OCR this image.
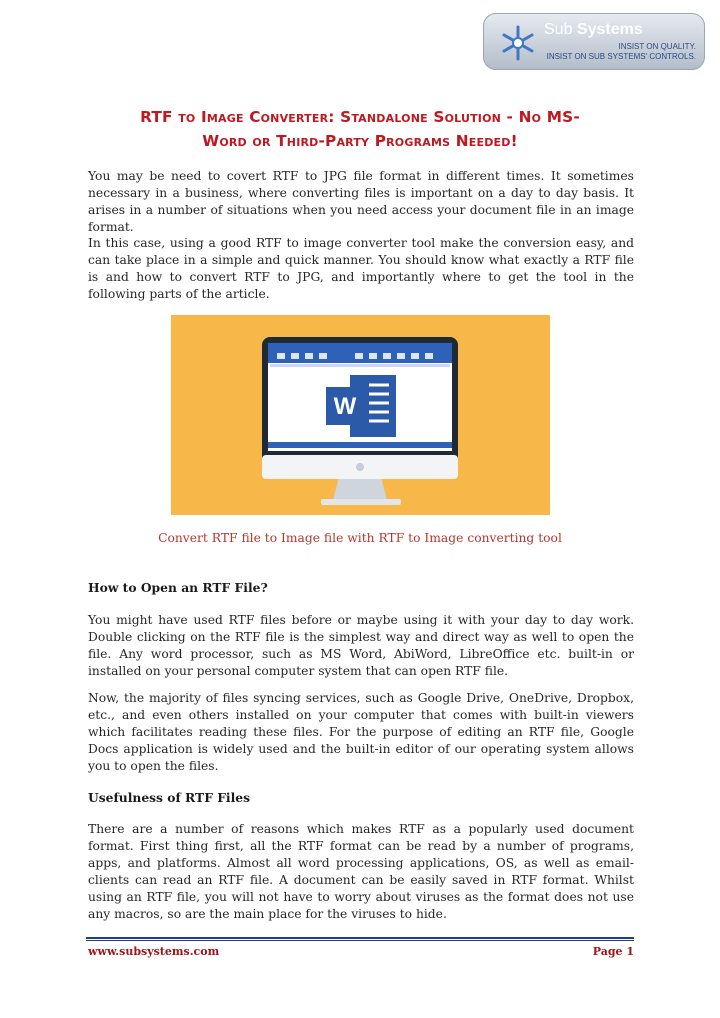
Sub Systems
INSIST ON QUALITY.
INSIST ON SUB SYSTEMS' CONTROLS.
RTF to Image Converter: Standalone Solution - No MS-
Word or Third-Party Programs Needed!

You may be need to covert RTF to JPG file format in different times. It sometimes necessary in a business, where converting files is important on a day to day basis. It arises in a number of situations when you need access your document file in an image format.

In this case, using a good RTF to image converter tool make the conversion easy, and can take place in a simple and quick manner. You should know what exactly a RTF file is and how to convert RTF to JPG, and importantly where to get the tool in the following parts of the article.

W
Convert RTF file to Image file with RTF to Image converting tool
How to Open an RTF File?

You might have used RTF files before or maybe using it with your day to day work. Double clicking on the RTF file is the simplest way and direct way as well to open the file. Any word processor, such as MS Word, AbiWord, LibreOffice etc. built-in or installed on your personal computer system that can open RTF file.

Now, the majority of files syncing services, such as Google Drive, OneDrive, Dropbox, etc., and even others installed on your computer that comes with built-in viewers which facilitates reading these files. For the purpose of editing an RTF file, Google Docs application is widely used and the built-in editor of our operating system allows you to open the files.

Usefulness of RTF Files

There are a number of reasons which makes RTF as a popularly used document format. First thing first, all the RTF format can be read by a number of programs, apps, and platforms. Almost all word processing applications, OS, as well as email- clients can read an RTF file. A document can be easily saved in RTF format. Whilst using an RTF file, you will not have to worry about viruses as the format does not use any macros, so are the main place for the viruses to hide.

www.subsystems.com	Page 1
